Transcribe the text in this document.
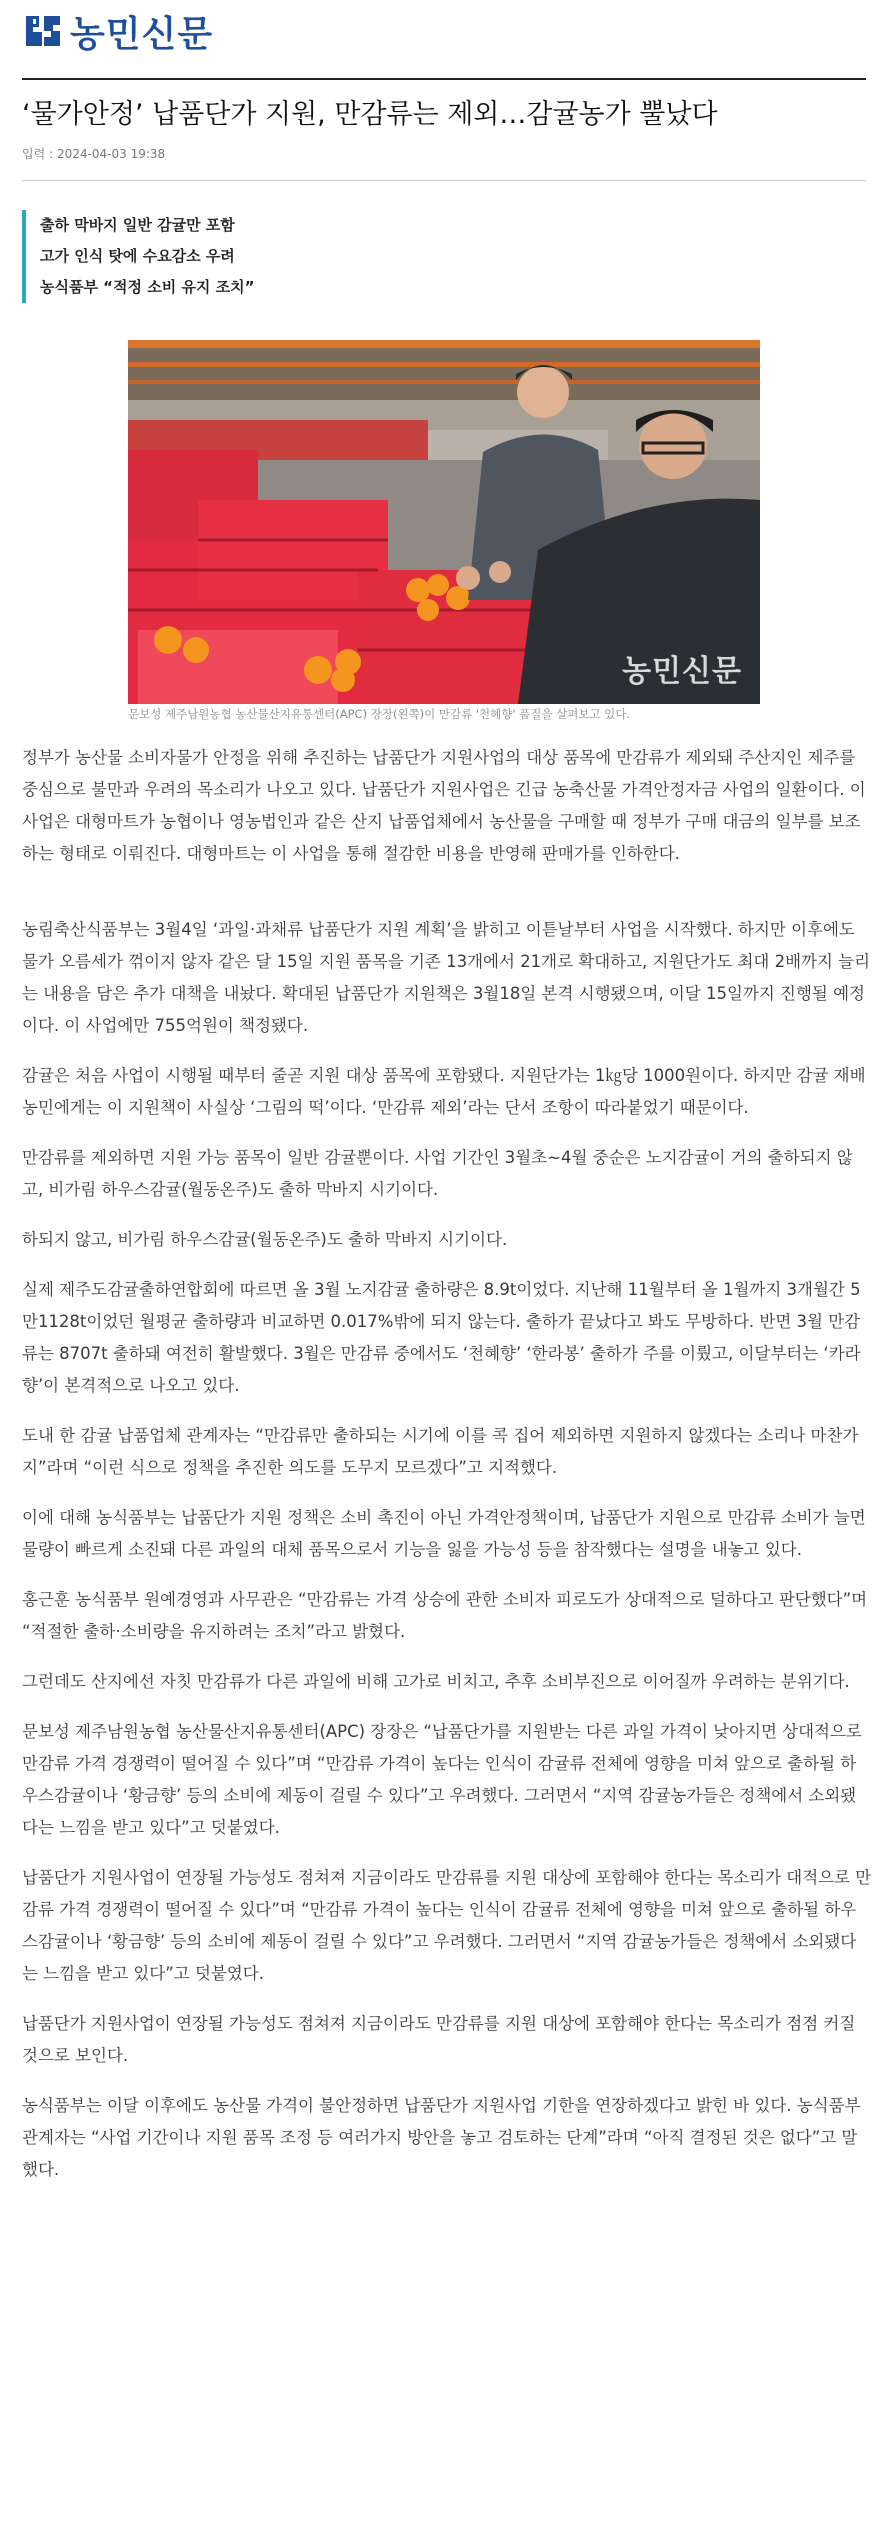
농민신문
‘물가안정’ 납품단가 지원, 만감류는 제외…감귤농가 뿔났다
입력 : 2024-04-03 19:38
출하 막바지 일반 감귤만 포함
고가 인식 탓에 수요감소 우려
농식품부 “적정 소비 유지 조치”
농민신문
문보성 제주남원농협 농산물산지유통센터(APC) 장장(왼쪽)이 만감류 '천혜향' 품질을 살펴보고 있다.

정부가 농산물 소비자물가 안정을 위해 추진하는 납품단가 지원사업의 대상 품목에 만감류가 제외돼 주산지인 제주를 중심으로 불만과 우려의 목소리가 나오고 있다. 납품단가 지원사업은 긴급 농축산물 가격안정자금 사업의 일환이다. 이 사업은 대형마트가 농협이나 영농법인과 같은 산지 납품업체에서 농산물을 구매할 때 정부가 구매 대금의 일부를 보조하는 형태로 이뤄진다. 대형마트는 이 사업을 통해 절감한 비용을 반영해 판매가를 인하한다.

농림축산식품부는 3월4일 ‘과일·과채류 납품단가 지원 계획’을 밝히고 이튿날부터 사업을 시작했다. 하지만 이후에도 물가 오름세가 꺾이지 않자 같은 달 15일 지원 품목을 기존 13개에서 21개로 확대하고, 지원단가도 최대 2배까지 늘리는 내용을 담은 추가 대책을 내놨다. 확대된 납품단가 지원책은 3월18일 본격 시행됐으며, 이달 15일까지 진행될 예정이다. 이 사업에만 755억원이 책정됐다.

감귤은 처음 사업이 시행될 때부터 줄곧 지원 대상 품목에 포함됐다. 지원단가는 1㎏당 1000원이다. 하지만 감귤 재배농민에게는 이 지원책이 사실상 ‘그림의 떡’이다. ‘만감류 제외’라는 단서 조항이 따라붙었기 때문이다.

만감류를 제외하면 지원 가능 품목이 일반 감귤뿐이다. 사업 기간인 3월초∼4월 중순은 노지감귤이 거의 출하되지 않고, 비가림 하우스감귤(월동온주)도 출하 막바지 시기이다.

하되지 않고, 비가림 하우스감귤(월동온주)도 출하 막바지 시기이다.

실제 제주도감귤출하연합회에 따르면 올 3월 노지감귤 출하량은 8.9t이었다. 지난해 11월부터 올 1월까지 3개월간 5만1128t이었던 월평균 출하량과 비교하면 0.017%밖에 되지 않는다. 출하가 끝났다고 봐도 무방하다. 반면 3월 만감류는 8707t 출하돼 여전히 활발했다. 3월은 만감류 중에서도 ‘천혜향’ ‘한라봉’ 출하가 주를 이뤘고, 이달부터는 ‘카라향’이 본격적으로 나오고 있다.

도내 한 감귤 납품업체 관계자는 “만감류만 출하되는 시기에 이를 콕 집어 제외하면 지원하지 않겠다는 소리나 마찬가지”라며 “이런 식으로 정책을 추진한 의도를 도무지 모르겠다”고 지적했다.

이에 대해 농식품부는 납품단가 지원 정책은 소비 촉진이 아닌 가격안정책이며, 납품단가 지원으로 만감류 소비가 늘면 물량이 빠르게 소진돼 다른 과일의 대체 품목으로서 기능을 잃을 가능성 등을 참작했다는 설명을 내놓고 있다.

홍근훈 농식품부 원예경영과 사무관은 “만감류는 가격 상승에 관한 소비자 피로도가 상대적으로 덜하다고 판단했다”며 “적절한 출하·소비량을 유지하려는 조치”라고 밝혔다.

그런데도 산지에선 자칫 만감류가 다른 과일에 비해 고가로 비치고, 추후 소비부진으로 이어질까 우려하는 분위기다.

문보성 제주남원농협 농산물산지유통센터(APC) 장장은 “납품단가를 지원받는 다른 과일 가격이 낮아지면 상대적으로 만감류 가격 경쟁력이 떨어질 수 있다”며 “만감류 가격이 높다는 인식이 감귤류 전체에 영향을 미쳐 앞으로 출하될 하우스감귤이나 ‘황금향’ 등의 소비에 제동이 걸릴 수 있다”고 우려했다. 그러면서 “지역 감귤농가들은 정책에서 소외됐다는 느낌을 받고 있다”고 덧붙였다.

납품단가 지원사업이 연장될 가능성도 점쳐져 지금이라도 만감류를 지원 대상에 포함해야 한다는 목소리가 대적으로 만감류 가격 경쟁력이 떨어질 수 있다”며 “만감류 가격이 높다는 인식이 감귤류 전체에 영향을 미쳐 앞으로 출하될 하우스감귤이나 ‘황금향’ 등의 소비에 제동이 걸릴 수 있다”고 우려했다. 그러면서 “지역 감귤농가들은 정책에서 소외됐다는 느낌을 받고 있다”고 덧붙였다.

납품단가 지원사업이 연장될 가능성도 점쳐져 지금이라도 만감류를 지원 대상에 포함해야 한다는 목소리가 점점 커질 것으로 보인다.

농식품부는 이달 이후에도 농산물 가격이 불안정하면 납품단가 지원사업 기한을 연장하겠다고 밝힌 바 있다. 농식품부 관계자는 “사업 기간이나 지원 품목 조정 등 여러가지 방안을 놓고 검토하는 단계”라며 “아직 결정된 것은 없다”고 말했다.
